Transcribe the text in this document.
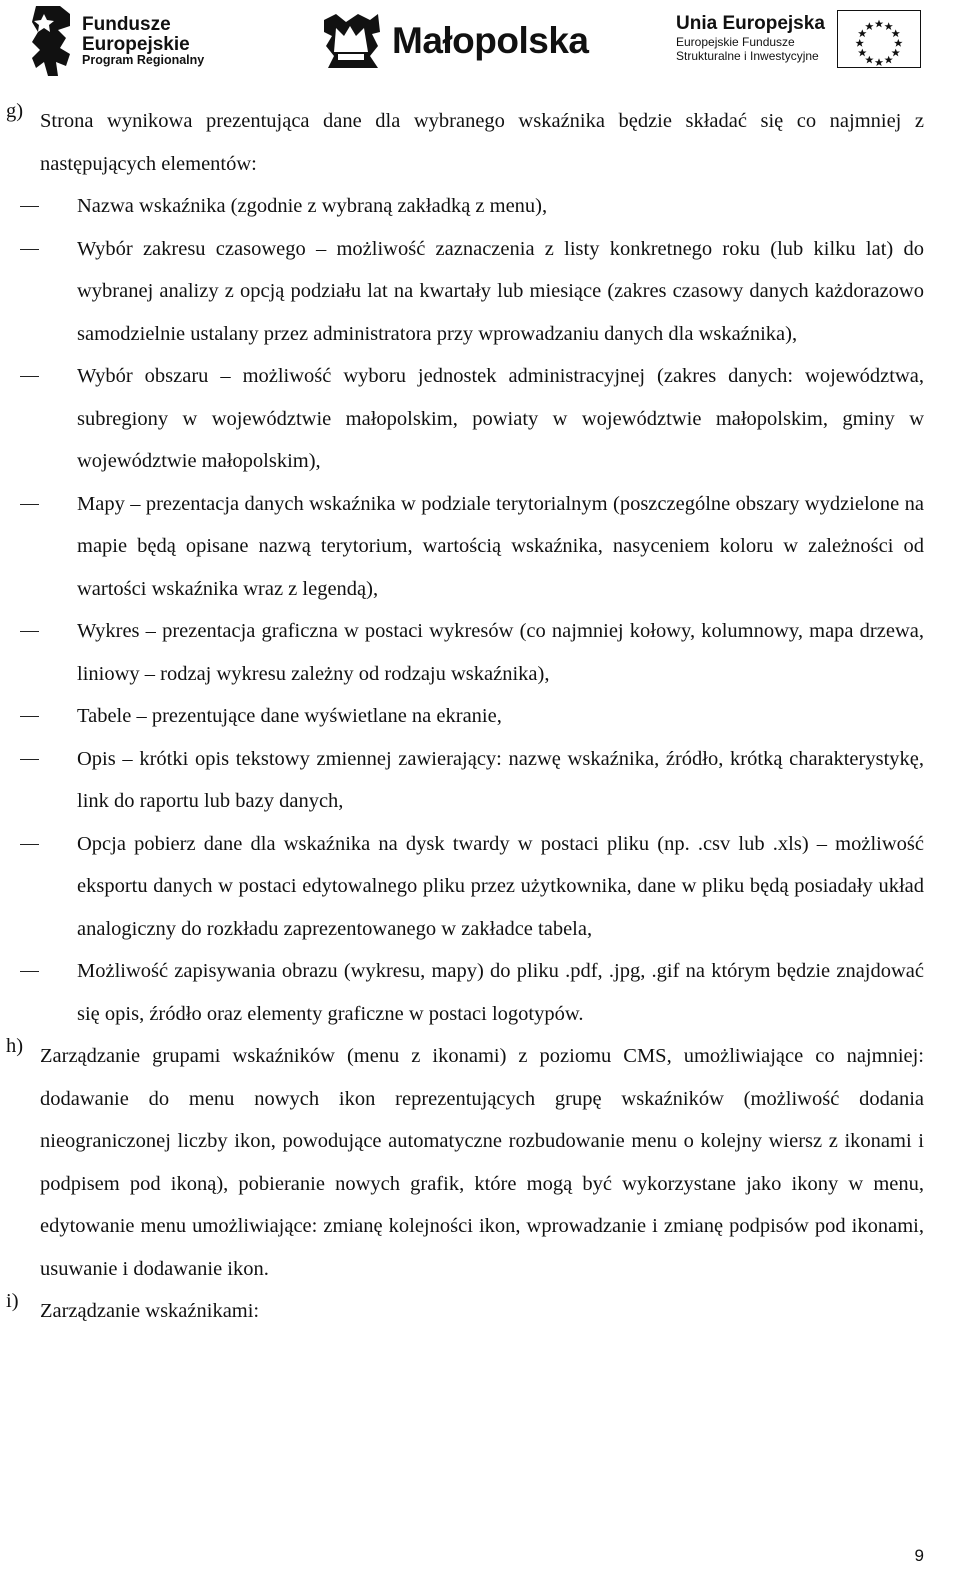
Fundusze
Europejskie
Program Regionalny	Małopolska	Unia Europejska
Europejskie Fundusze
Strukturalne i Inwestycyjne
g) Strona wynikowa prezentująca dane dla wybranego wskaźnika będzie składać się co najmniej z następujących elementów:
Nazwa wskaźnika (zgodnie z wybraną zakładką z menu),
Wybór zakresu czasowego – możliwość zaznaczenia z listy konkretnego roku (lub kilku lat) do wybranej analizy z opcją podziału lat na kwartały lub miesiące (zakres czasowy danych każdorazowo samodzielnie ustalany przez administratora przy wprowadzaniu danych dla wskaźnika),
Wybór obszaru – możliwość wyboru jednostek administracyjnej (zakres danych: województwa, subregiony w województwie małopolskim, powiaty w województwie małopolskim, gminy w województwie małopolskim),
Mapy – prezentacja danych wskaźnika w podziale terytorialnym (poszczególne obszary wydzielone na mapie będą opisane nazwą terytorium, wartością wskaźnika, nasyceniem koloru w zależności od wartości wskaźnika wraz z legendą),
Wykres – prezentacja graficzna w postaci wykresów (co najmniej kołowy, kolumnowy, mapa drzewa, liniowy – rodzaj wykresu zależny od rodzaju wskaźnika),
Tabele – prezentujące dane wyświetlane na ekranie,
Opis – krótki opis tekstowy zmiennej zawierający: nazwę wskaźnika, źródło, krótką charakterystykę, link do raportu lub bazy danych,
Opcja pobierz dane dla wskaźnika na dysk twardy w postaci pliku (np. .csv lub .xls) – możliwość eksportu danych w postaci edytowalnego pliku przez użytkownika, dane w pliku będą posiadały układ analogiczny do rozkładu zaprezentowanego w zakładce tabela,
Możliwość zapisywania obrazu (wykresu, mapy) do pliku .pdf, .jpg, .gif na którym będzie znajdować się opis, źródło oraz elementy graficzne w postaci logotypów.
h) Zarządzanie grupami wskaźników (menu z ikonami) z poziomu CMS, umożliwiające co najmniej: dodawanie do menu nowych ikon reprezentujących grupę wskaźników (możliwość dodania nieograniczonej liczby ikon, powodujące automatyczne rozbudowanie menu o kolejny wiersz z ikonami i podpisem pod ikoną), pobieranie nowych grafik, które mogą być wykorzystane jako ikony w menu, edytowanie menu umożliwiające: zmianę kolejności ikon, wprowadzanie i zmianę podpisów pod ikonami, usuwanie i dodawanie ikon.
i) Zarządzanie wskaźnikami:
9
